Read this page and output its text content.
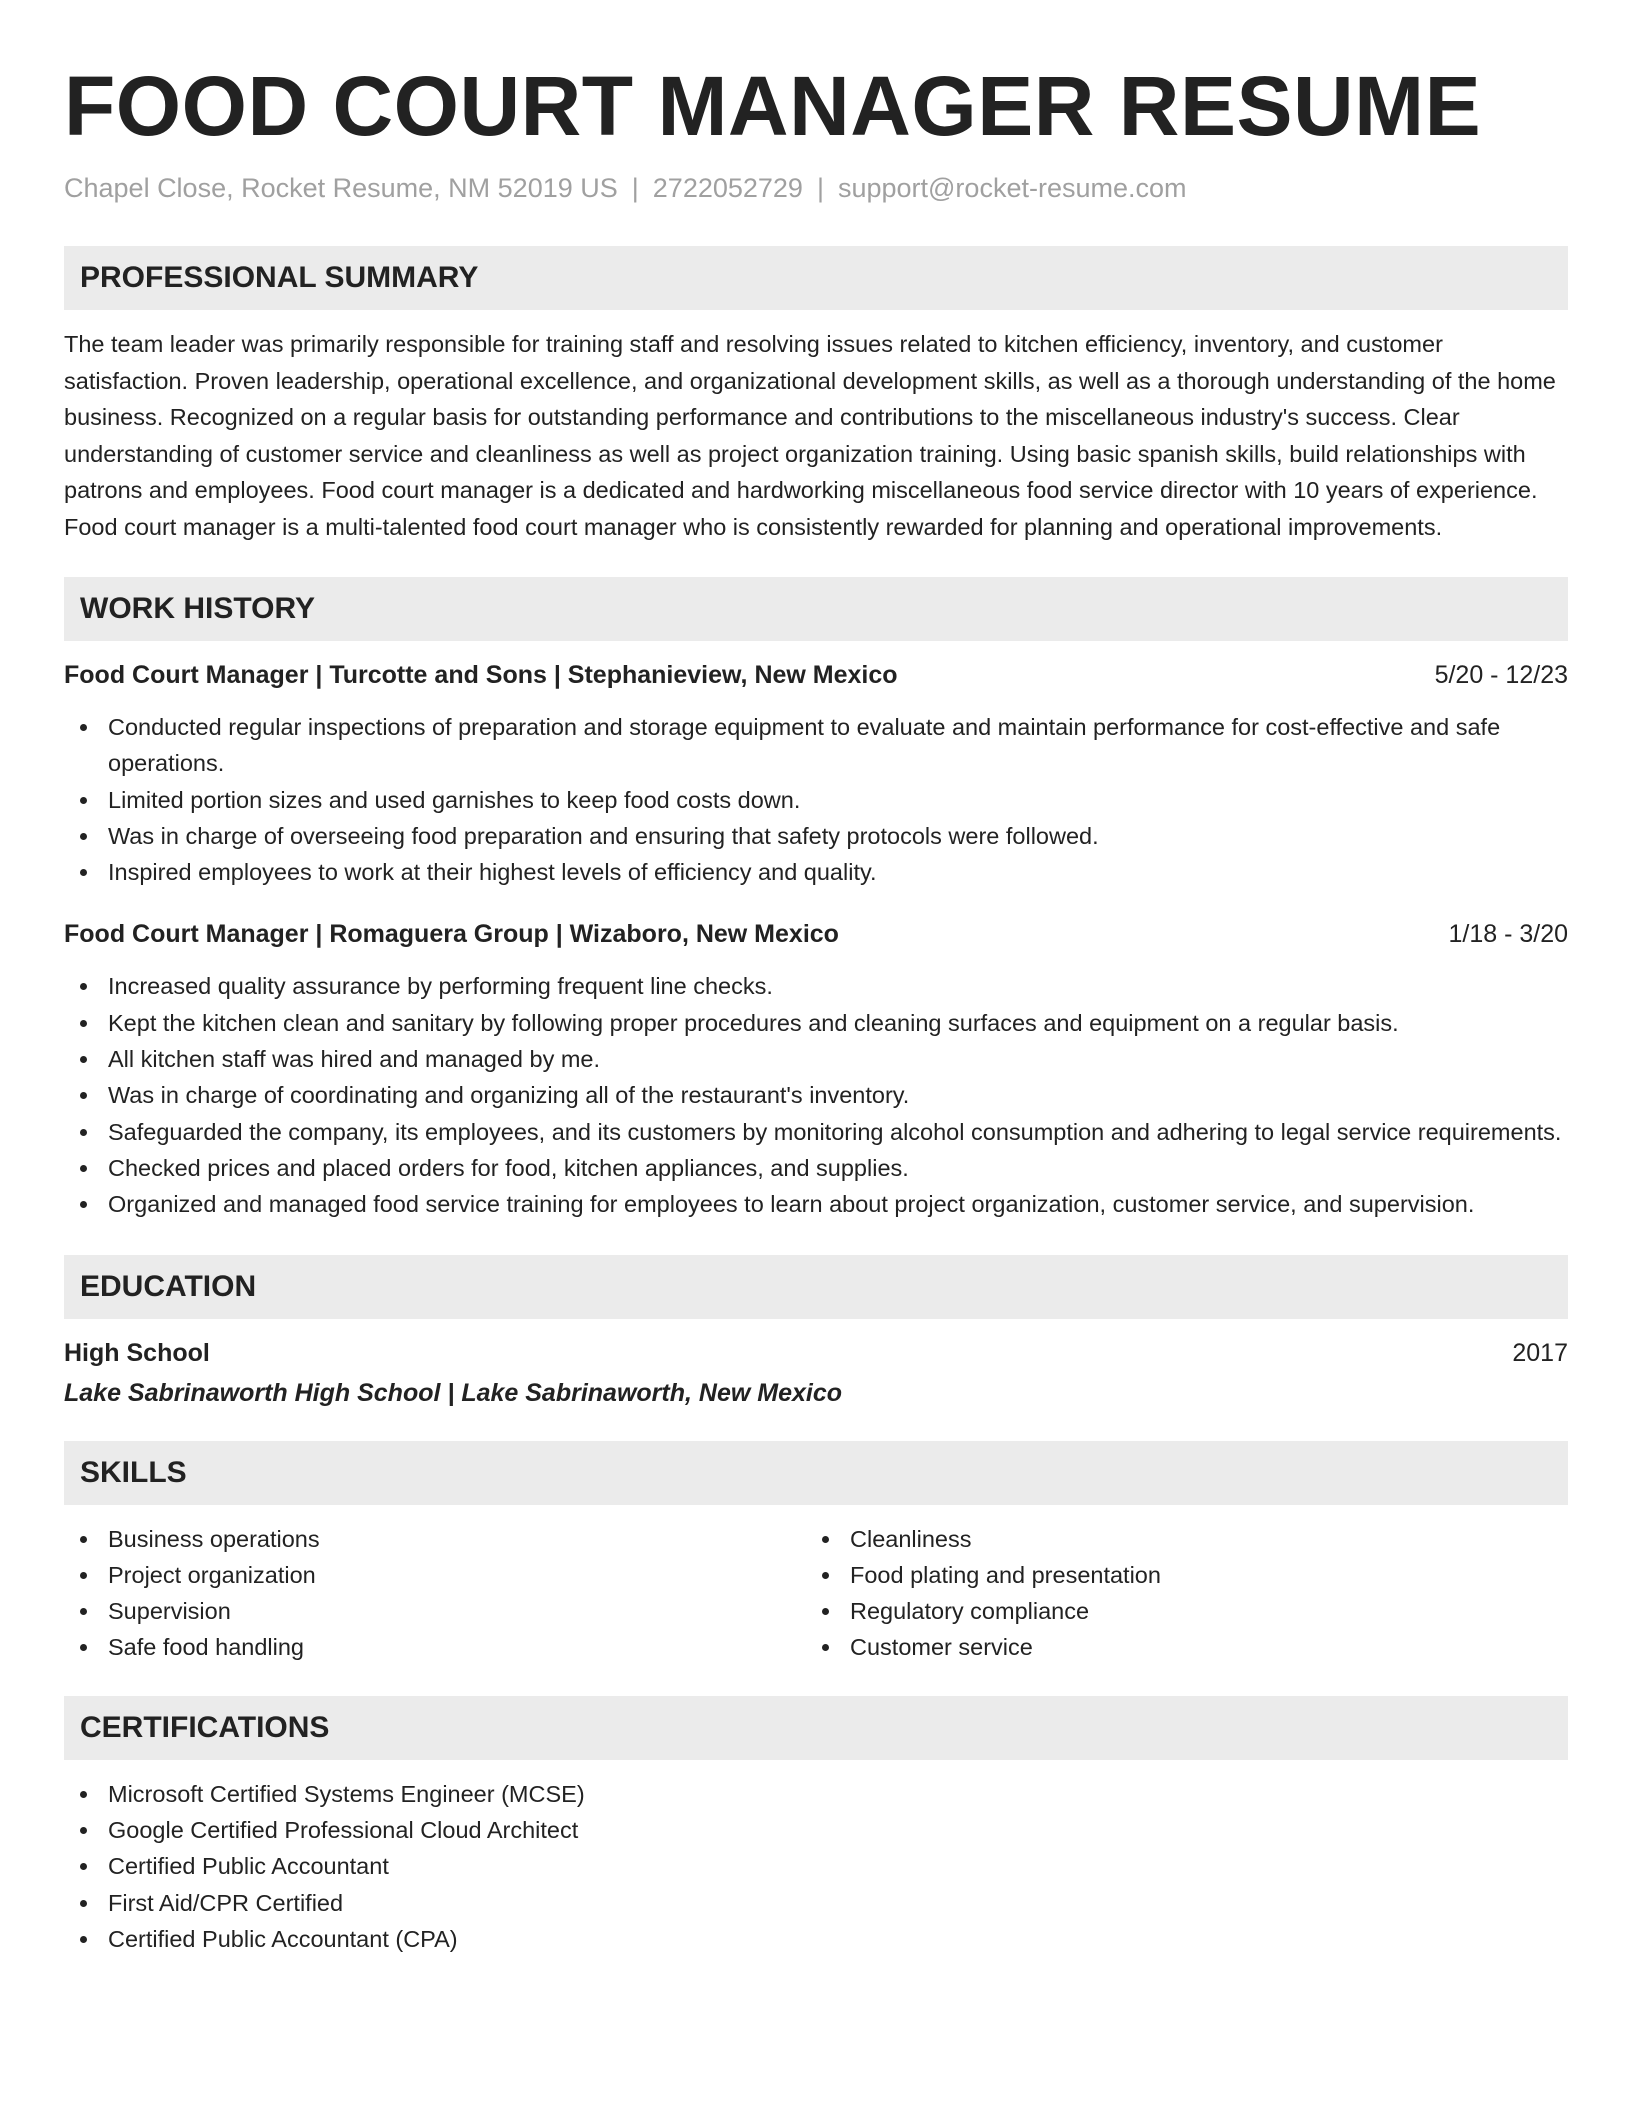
FOOD COURT MANAGER RESUME
Chapel Close, Rocket Resume, NM 52019 US | 2722052729 | support@rocket-resume.com
PROFESSIONAL SUMMARY

The team leader was primarily responsible for training staff and resolving issues related to kitchen efficiency, inventory, and customer satisfaction. Proven leadership, operational excellence, and organizational development skills, as well as a thorough understanding of the home business. Recognized on a regular basis for outstanding performance and contributions to the miscellaneous industry's success. Clear understanding of customer service and cleanliness as well as project organization training. Using basic spanish skills, build relationships with patrons and employees. Food court manager is a dedicated and hardworking miscellaneous food service director with 10 years of experience. Food court manager is a multi-talented food court manager who is consistently rewarded for planning and operational improvements.

WORK HISTORY
Food Court Manager | Turcotte and Sons | Stephanieview, New Mexico	5/20 - 12/23
Conducted regular inspections of preparation and storage equipment to evaluate and maintain performance for cost-effective and safe operations.
Limited portion sizes and used garnishes to keep food costs down.
Was in charge of overseeing food preparation and ensuring that safety protocols were followed.
Inspired employees to work at their highest levels of efficiency and quality.
Food Court Manager | Romaguera Group | Wizaboro, New Mexico	1/18 - 3/20
Increased quality assurance by performing frequent line checks.
Kept the kitchen clean and sanitary by following proper procedures and cleaning surfaces and equipment on a regular basis.
All kitchen staff was hired and managed by me.
Was in charge of coordinating and organizing all of the restaurant's inventory.
Safeguarded the company, its employees, and its customers by monitoring alcohol consumption and adhering to legal service requirements.
Checked prices and placed orders for food, kitchen appliances, and supplies.
Organized and managed food service training for employees to learn about project organization, customer service, and supervision.
EDUCATION
High School	2017
Lake Sabrinaworth High School | Lake Sabrinaworth, New Mexico
SKILLS
Business operations
Project organization
Supervision
Safe food handling
Cleanliness
Food plating and presentation
Regulatory compliance
Customer service
CERTIFICATIONS
Microsoft Certified Systems Engineer (MCSE)
Google Certified Professional Cloud Architect
Certified Public Accountant
First Aid/CPR Certified
Certified Public Accountant (CPA)
